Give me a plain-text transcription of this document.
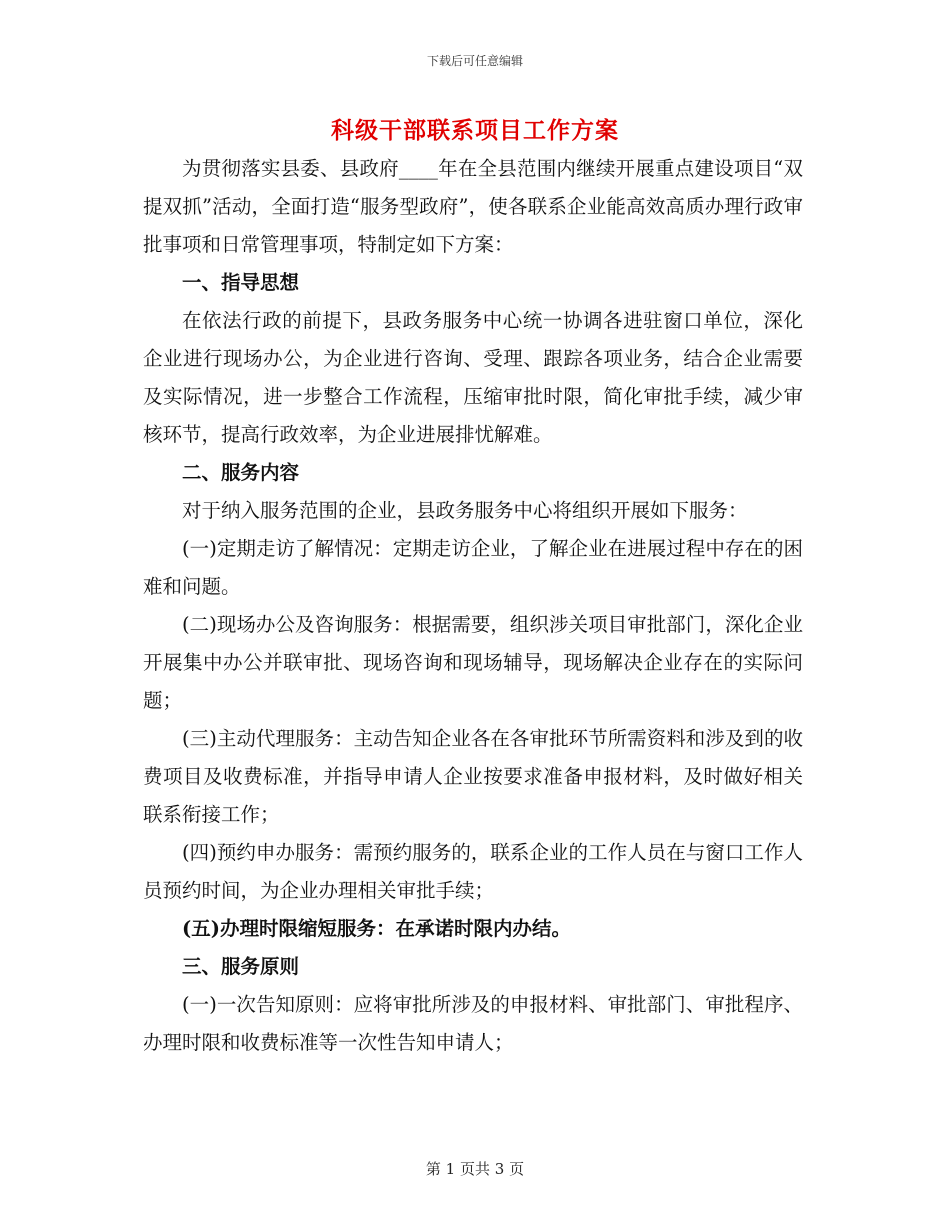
下载后可任意编辑
科级干部联系项目工作方案

为贯彻落实县委、县政府____年在全县范围内继续开展重点建设项目“双提双抓”活动，全面打造“服务型政府”，使各联系企业能高效高质办理行政审批事项和日常管理事项，特制定如下方案：

一、指导思想

在依法行政的前提下，县政务服务中心统一协调各进驻窗口单位，深化企业进行现场办公，为企业进行咨询、受理、跟踪各项业务，结合企业需要及实际情况，进一步整合工作流程，压缩审批时限，简化审批手续，减少审核环节，提高行政效率，为企业进展排忧解难。

二、服务内容

对于纳入服务范围的企业，县政务服务中心将组织开展如下服务：

(一)定期走访了解情况：定期走访企业，了解企业在进展过程中存在的困难和问题。

(二)现场办公及咨询服务：根据需要，组织涉关项目审批部门，深化企业开展集中办公并联审批、现场咨询和现场辅导，现场解决企业存在的实际问题；

(三)主动代理服务：主动告知企业各在各审批环节所需资料和涉及到的收费项目及收费标准，并指导申请人企业按要求准备申报材料，及时做好相关联系衔接工作；

(四)预约申办服务：需预约服务的，联系企业的工作人员在与窗口工作人员预约时间，为企业办理相关审批手续；

(五)办理时限缩短服务：在承诺时限内办结。

三、服务原则

(一)一次告知原则：应将审批所涉及的申报材料、审批部门、审批程序、办理时限和收费标准等一次性告知申请人；

第 1 页共 3 页
